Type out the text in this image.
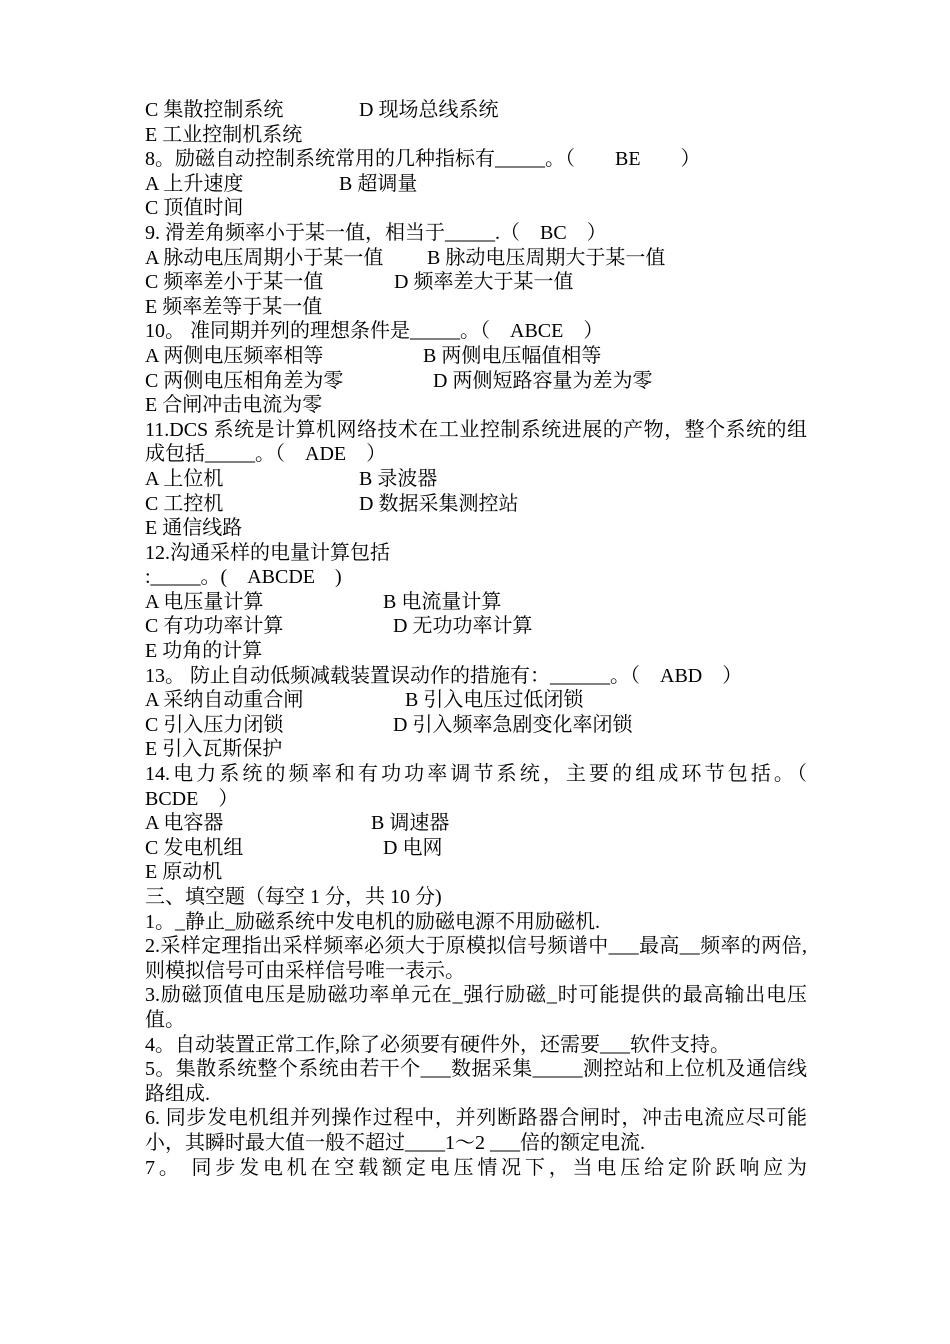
C 集散控制系统	D 现场总线系统
E 工业控制机系统
8。励磁自动控制系统常用的几种指标有_____。（　　BE　　）
A 上升速度	B 超调量
C 顶值时间
9. 滑差角频率小于某一值，相当于_____.（　BC　）
A 脉动电压周期小于某一值 B 脉动电压周期大于某一值
C 频率差小于某一值	D 频率差大于某一值
E 频率差等于某一值
10。 准同期并列的理想条件是_____。（　ABCE　）
A 两侧电压频率相等	B 两侧电压幅值相等
C 两侧电压相角差为零	D 两侧短路容量为差为零
E 合闸冲击电流为零
11.DCS 系统是计算机网络技术在工业控制系统进展的产物，整个系统的组成包括_____。（　ADE　）
A 上位机	B 录波器
C 工控机	D 数据采集测控站
E 通信线路
12.沟通采样的电量计算包括
:_____。(　ABCDE　)
A 电压量计算	B 电流量计算
C 有功功率计算	D 无功功率计算
E 功角的计算
13。 防止自动低频减载装置误动作的措施有：______。（　ABD　）
A 采纳自动重合闸	B 引入电压过低闭锁
C 引入压力闭锁	D 引入频率急剧变化率闭锁
E 引入瓦斯保护
14.电力系统的频率和有功功率调节系统，主要的组成环节包括。（　BCDE　）
A 电容器	B 调速器
C 发电机组	D 电网
E 原动机
三、填空题（每空 1 分，共 10 分)
1。_静止_励磁系统中发电机的励磁电源不用励磁机.
2.采样定理指出采样频率必须大于原模拟信号频谱中___最高__频率的两倍,则模拟信号可由采样信号唯一表示。
3.励磁顶值电压是励磁功率单元在_强行励磁_时可能提供的最高输出电压值。
4。自动装置正常工作,除了必须要有硬件外，还需要___软件支持。
5。集散系统整个系统由若干个___数据采集_____测控站和上位机及通信线路组成.
6. 同步发电机组并列操作过程中，并列断路器合闸时，冲击电流应尽可能小，其瞬时最大值一般不超过____1～2 ___倍的额定电流.
7。 同步发电机在空载额定电压情况下，当电压给定阶跃响应为
